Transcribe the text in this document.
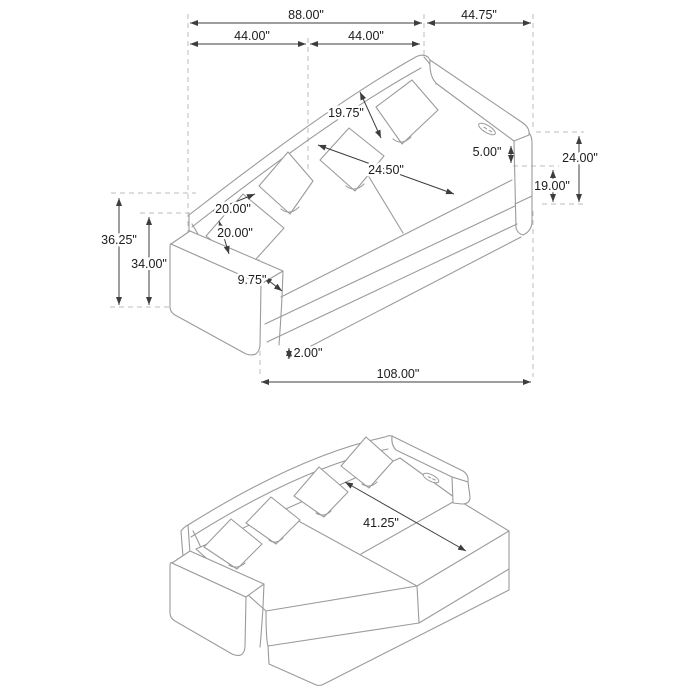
88.00"	44.75"
44.00"	44.00"
19.75"
24.50"
20.00"
20.00"
9.75"
36.25"
34.00"
24.00"
19.00"
5.00"
2.00"
108.00"
41.25"
